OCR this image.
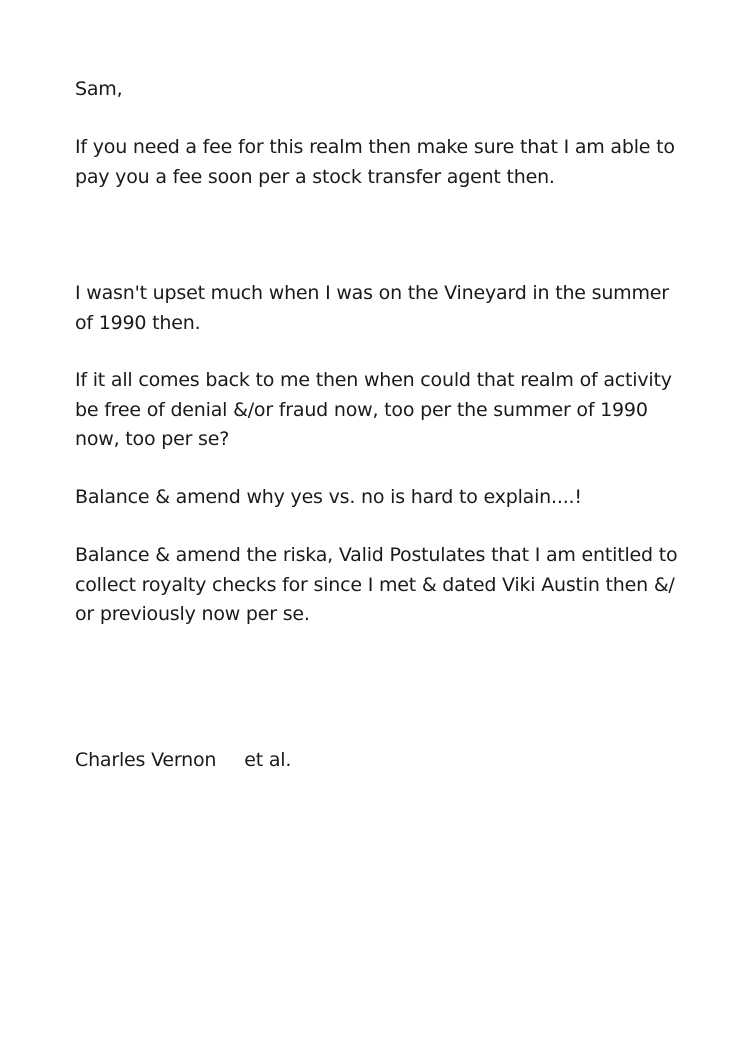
Sam,

If you need a fee for this realm then make sure that I am able to
pay you a fee soon per a stock transfer agent then.

I wasn't upset much when I was on the Vineyard in the summer
of 1990 then.

If it all comes back to me then when could that realm of activity
be free of denial &/or fraud now, too per the summer of 1990
now, too per se?

Balance & amend why yes vs. no is hard to explain....!

Balance & amend the riska, Valid Postulates that I am entitled to
collect royalty checks for since I met & dated Viki Austin then &/
or previously now per se.

Charles Vernon et al.
